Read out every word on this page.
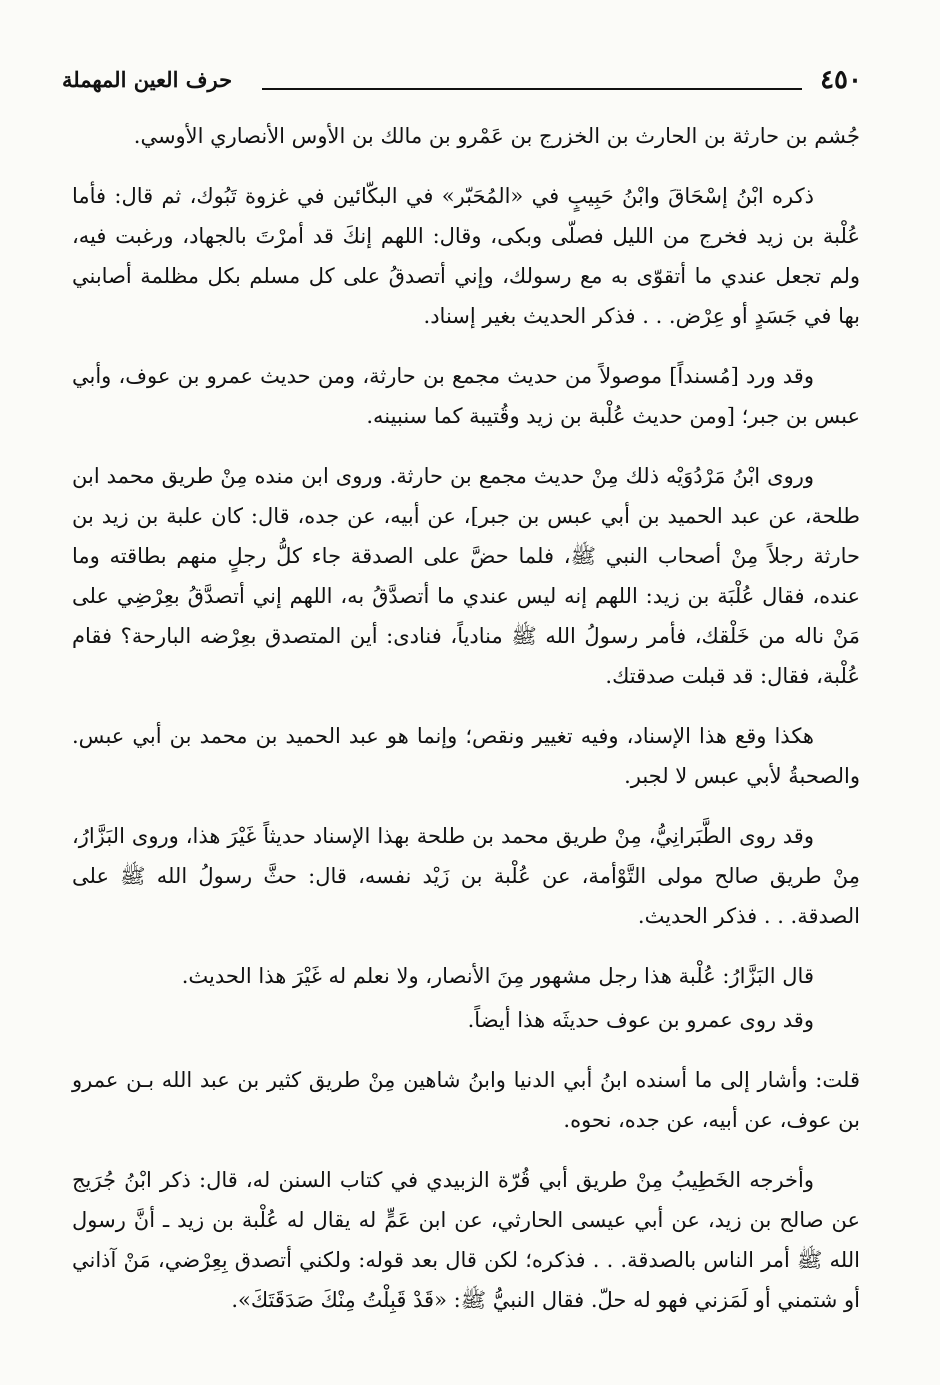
٤٥٠
حرف العين المهملة

جُشم بن حارثة بن الحارث بن الخزرج بن عَمْرو بن مالك بن الأوس الأنصاري الأوسي.

ذكره ابْنُ إسْحَاقَ وابْنُ حَبِيبٍ في «المُحَبّر» في البكّائين في غزوة تَبُوك، ثم قال: فأما عُلْبة بن زيد فخرج من الليل فصلّى وبكى، وقال: اللهم إنكَ قد أمرْتَ بالجهاد، ورغبت فيه، ولم تجعل عندي ما أتقوّى به مع رسولك، وإني أتصدقُ على كل مسلم بكل مظلمة أصابني بها في جَسَدٍ أو عِرْض. . . فذكر الحديث بغير إسناد.

وقد ورد [مُسنداً] موصولاً من حديث مجمع بن حارثة، ومن حديث عمرو بن عوف، وأبي عبس بن جبر؛ [ومن حديث عُلْبة بن زيد وقُتيبة كما سنبينه.

وروى ابْنُ مَرْدُوَيْه ذلك مِنْ حديث مجمع بن حارثة. وروى ابن منده مِنْ طريق محمد ابن طلحة، عن عبد الحميد بن أبي عبس بن جبر]، عن أبيه، عن جده، قال: كان علبة بن زيد بن حارثة رجلاً مِنْ أصحاب النبي ﷺ، فلما حضَّ على الصدقة جاء كلُّ رجلٍ منهم بطاقته وما عنده، فقال عُلْبَة بن زيد: اللهم إنه ليس عندي ما أتصدَّقُ به، اللهم إني أتصدَّقُ بعِرْضِي على مَنْ ناله من خَلْقك، فأمر رسولُ الله ﷺ منادياً، فنادى: أين المتصدق بعِرْضه البارحة؟ فقام عُلْبة، فقال: قد قبلت صدقتك.

هكذا وقع هذا الإسناد، وفيه تغيير ونقص؛ وإنما هو عبد الحميد بن محمد بن أبي عبس. والصحبةُ لأبي عبس لا لجبر.

وقد روى الطَّبَرانِيُّ، مِنْ طريق محمد بن طلحة بهذا الإسناد حديثاً غَيْرَ هذا، وروى البَزَّارُ، مِنْ طريق صالح مولى التَّوْأمة، عن عُلْبة بن زَيْد نفسه، قال: حثَّ رسولُ الله ﷺ على الصدقة. . . فذكر الحديث.

قال البَزَّارُ: عُلْبة هذا رجل مشهور مِنَ الأنصار، ولا نعلم له غَيْرَ هذا الحديث.

وقد روى عمرو بن عوف حديثَه هذا أيضاً.

قلت: وأشار إلى ما أسنده ابنُ أبي الدنيا وابنُ شاهين مِنْ طريق كثير بن عبد الله بـن عمرو بن عوف، عن أبيه، عن جده، نحوه.

وأخرجه الخَطِيبُ مِنْ طريق أبي قُرّة الزبيدي في كتاب السنن له، قال: ذكر ابْنُ جُرَيج عن صالح بن زيد، عن أبي عيسى الحارثي، عن ابن عَمٍّ له يقال له عُلْبة بن زيد ـ أنَّ رسول الله ﷺ أمر الناس بالصدقة. . . فذكره؛ لكن قال بعد قوله: ولكني أتصدق بِعِرْضي، مَنْ آذاني أو شتمني أو لَمَزني فهو له حلّ. فقال النبيُّ ﷺ: «قَدْ قَبِلْتُ مِنْكَ صَدَقَتَكَ».
